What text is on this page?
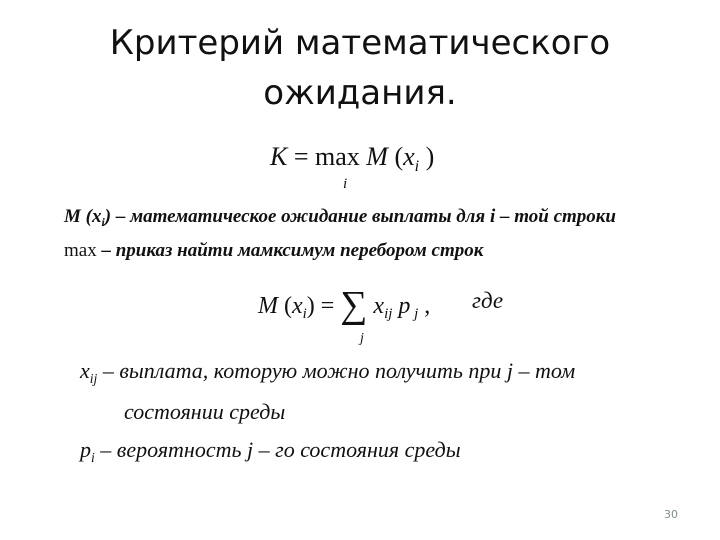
Критерий математического
ожидания.
K = max M ($x_i$ )
i
M $(x_i)$ – математическое ожидание выплаты для i – той строки
max – приказ найти мамксимум перебором строк
M $(x_i)$ = ∑ $x_{ij}$ p $_j$ ,
j
где
$x_{ij}$ – выплата, которую можно получить при j – том
состоянии среды
$p_i$ – вероятность j – го состояния среды
30
